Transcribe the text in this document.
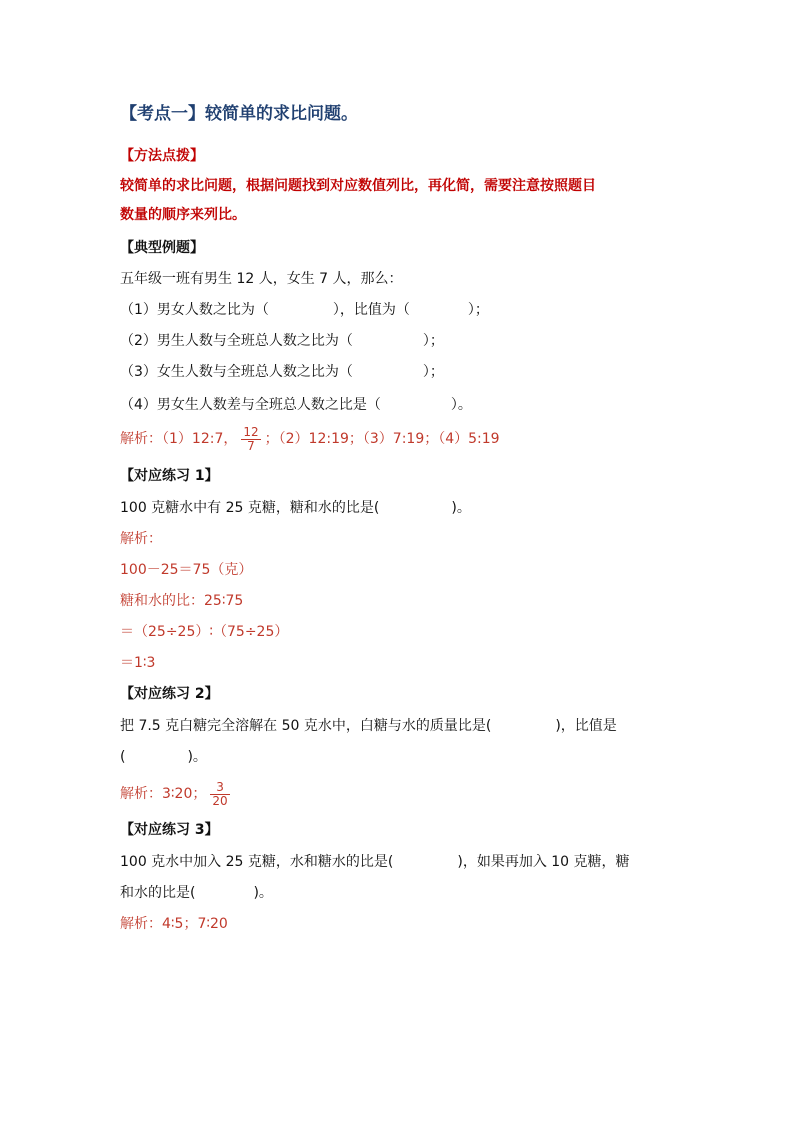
【考点一】较简单的求比问题。
【方法点拨】
较简单的求比问题，根据问题找到对应数值列比，再化简，需要注意按照题目
数量的顺序来列比。
【典型例题】
五年级一班有男生 12 人，女生 7 人，那么：
（1）男女人数之比为（	），比值为（	）；
（2）男生人数与全班总人数之比为（	）；
（3）女生人数与全班总人数之比为（	）；
（4）男女生人数差与全班总人数之比是（	）。
解析：（1）12:7， $\frac{12}{7}$ ；（2）12:19；（3）7:19；（4）5:19
【对应练习 1】
100 克糖水中有 25 克糖，糖和水的比是(	)。
解析：
100－25＝75（克）
糖和水的比：25∶75
＝（25÷25）∶（75÷25）
＝1∶3
【对应练习 2】
把 7.5 克白糖完全溶解在 50 克水中，白糖与水的质量比是(	)，比值是
(	)。
解析：3∶20； $\frac{3}{20}$
【对应练习 3】
100 克水中加入 25 克糖，水和糖水的比是(	)，如果再加入 10 克糖，糖
和水的比是(	)。
解析：4∶5；7∶20
